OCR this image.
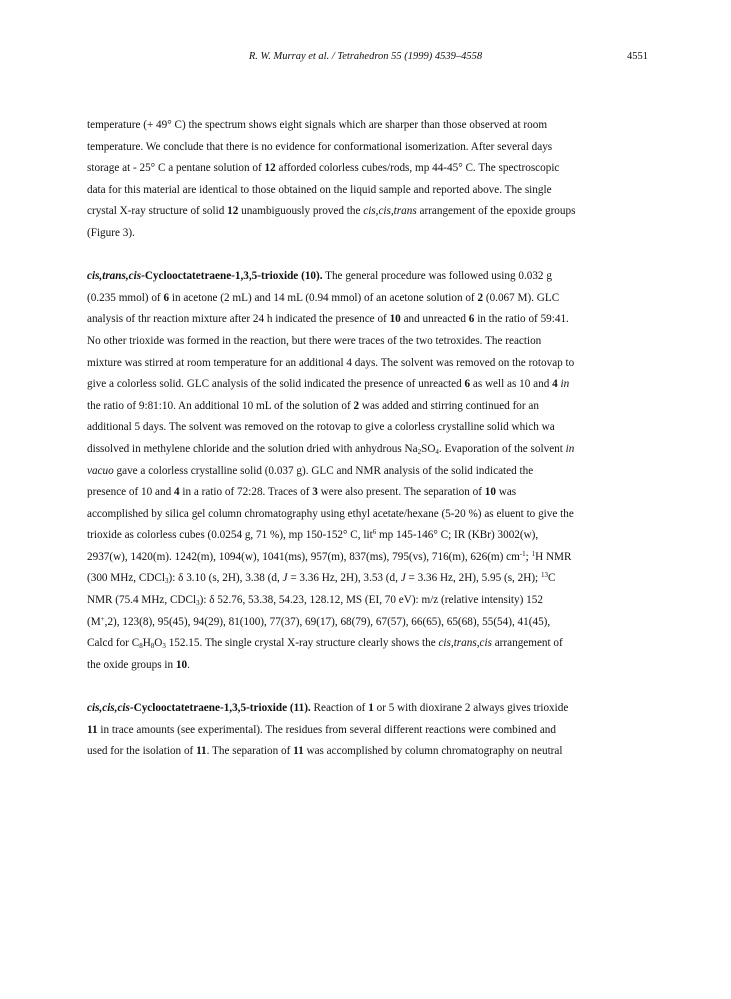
R. W. Murray et al. / Tetrahedron 55 (1999) 4539–4558	4551

temperature (+ 49° C) the spectrum shows eight signals which are sharper than those observed at room
temperature. We conclude that there is no evidence for conformational isomerization. After several days
storage at - 25° C a pentane solution of 12 afforded colorless cubes/rods, mp 44-45° C. The spectroscopic
data for this material are identical to those obtained on the liquid sample and reported above. The single
crystal X-ray structure of solid 12 unambiguously proved the cis,cis,trans arrangement of the epoxide groups
(Figure 3).

cis,trans,cis-Cyclooctatetraene-1,3,5-trioxide (10). The general procedure was followed using 0.032 g
(0.235 mmol) of 6 in acetone (2 mL) and 14 mL (0.94 mmol) of an acetone solution of 2 (0.067 M). GLC
analysis of thr reaction mixture after 24 h indicated the presence of 10 and unreacted 6 in the ratio of 59:41.
No other trioxide was formed in the reaction, but there were traces of the two tetroxides. The reaction
mixture was stirred at room temperature for an additional 4 days. The solvent was removed on the rotovap to
give a colorless solid. GLC analysis of the solid indicated the presence of unreacted 6 as well as 10 and 4 in
the ratio of 9:81:10. An additional 10 mL of the solution of 2 was added and stirring continued for an
additional 5 days. The solvent was removed on the rotovap to give a colorless crystalline solid which wa
dissolved in methylene chloride and the solution dried with anhydrous $Na_2SO_4$. Evaporation of the solvent in
vacuo gave a colorless crystalline solid (0.037 g). GLC and NMR analysis of the solid indicated the
presence of 10 and 4 in a ratio of 72:28. Traces of 3 were also present. The separation of 10 was
accomplished by silica gel column chromatography using ethyl acetate/hexane (5-20 %) as eluent to give the
trioxide as colorless cubes (0.0254 g, 71 %), mp 150-152° C, lit$^6$ mp 145-146° C; IR (KBr) 3002(w),
2937(w), 1420(m). 1242(m), 1094(w), 1041(ms), 957(m), 837(ms), 795(vs), 716(m), 626(m) $cm^{-1}$; $^1$H NMR
(300 MHz, CDCl$_3$): δ 3.10 (s, 2H), 3.38 (d, J = 3.36 Hz, 2H), 3.53 (d, J = 3.36 Hz, 2H), 5.95 (s, 2H); $^{13}$C
NMR (75.4 MHz, CDCl$_3$): δ 52.76, 53.38, 54.23, 128.12, MS (EI, 70 eV): m/z (relative intensity) 152
(M+,2), 123(8), 95(45), 94(29), 81(100), 77(37), 69(17), 68(79), 67(57), 66(65), 65(68), 55(54), 41(45),
Calcd for $C_8H_8O_3$ 152.15. The single crystal X-ray structure clearly shows the cis,trans,cis arrangement of
the oxide groups in 10.

cis,cis,cis-Cyclooctatetraene-1,3,5-trioxide (11). Reaction of 1 or 5 with dioxirane 2 always gives trioxide
11 in trace amounts (see experimental). The residues from several different reactions were combined and
used for the isolation of 11. The separation of 11 was accomplished by column chromatography on neutral
